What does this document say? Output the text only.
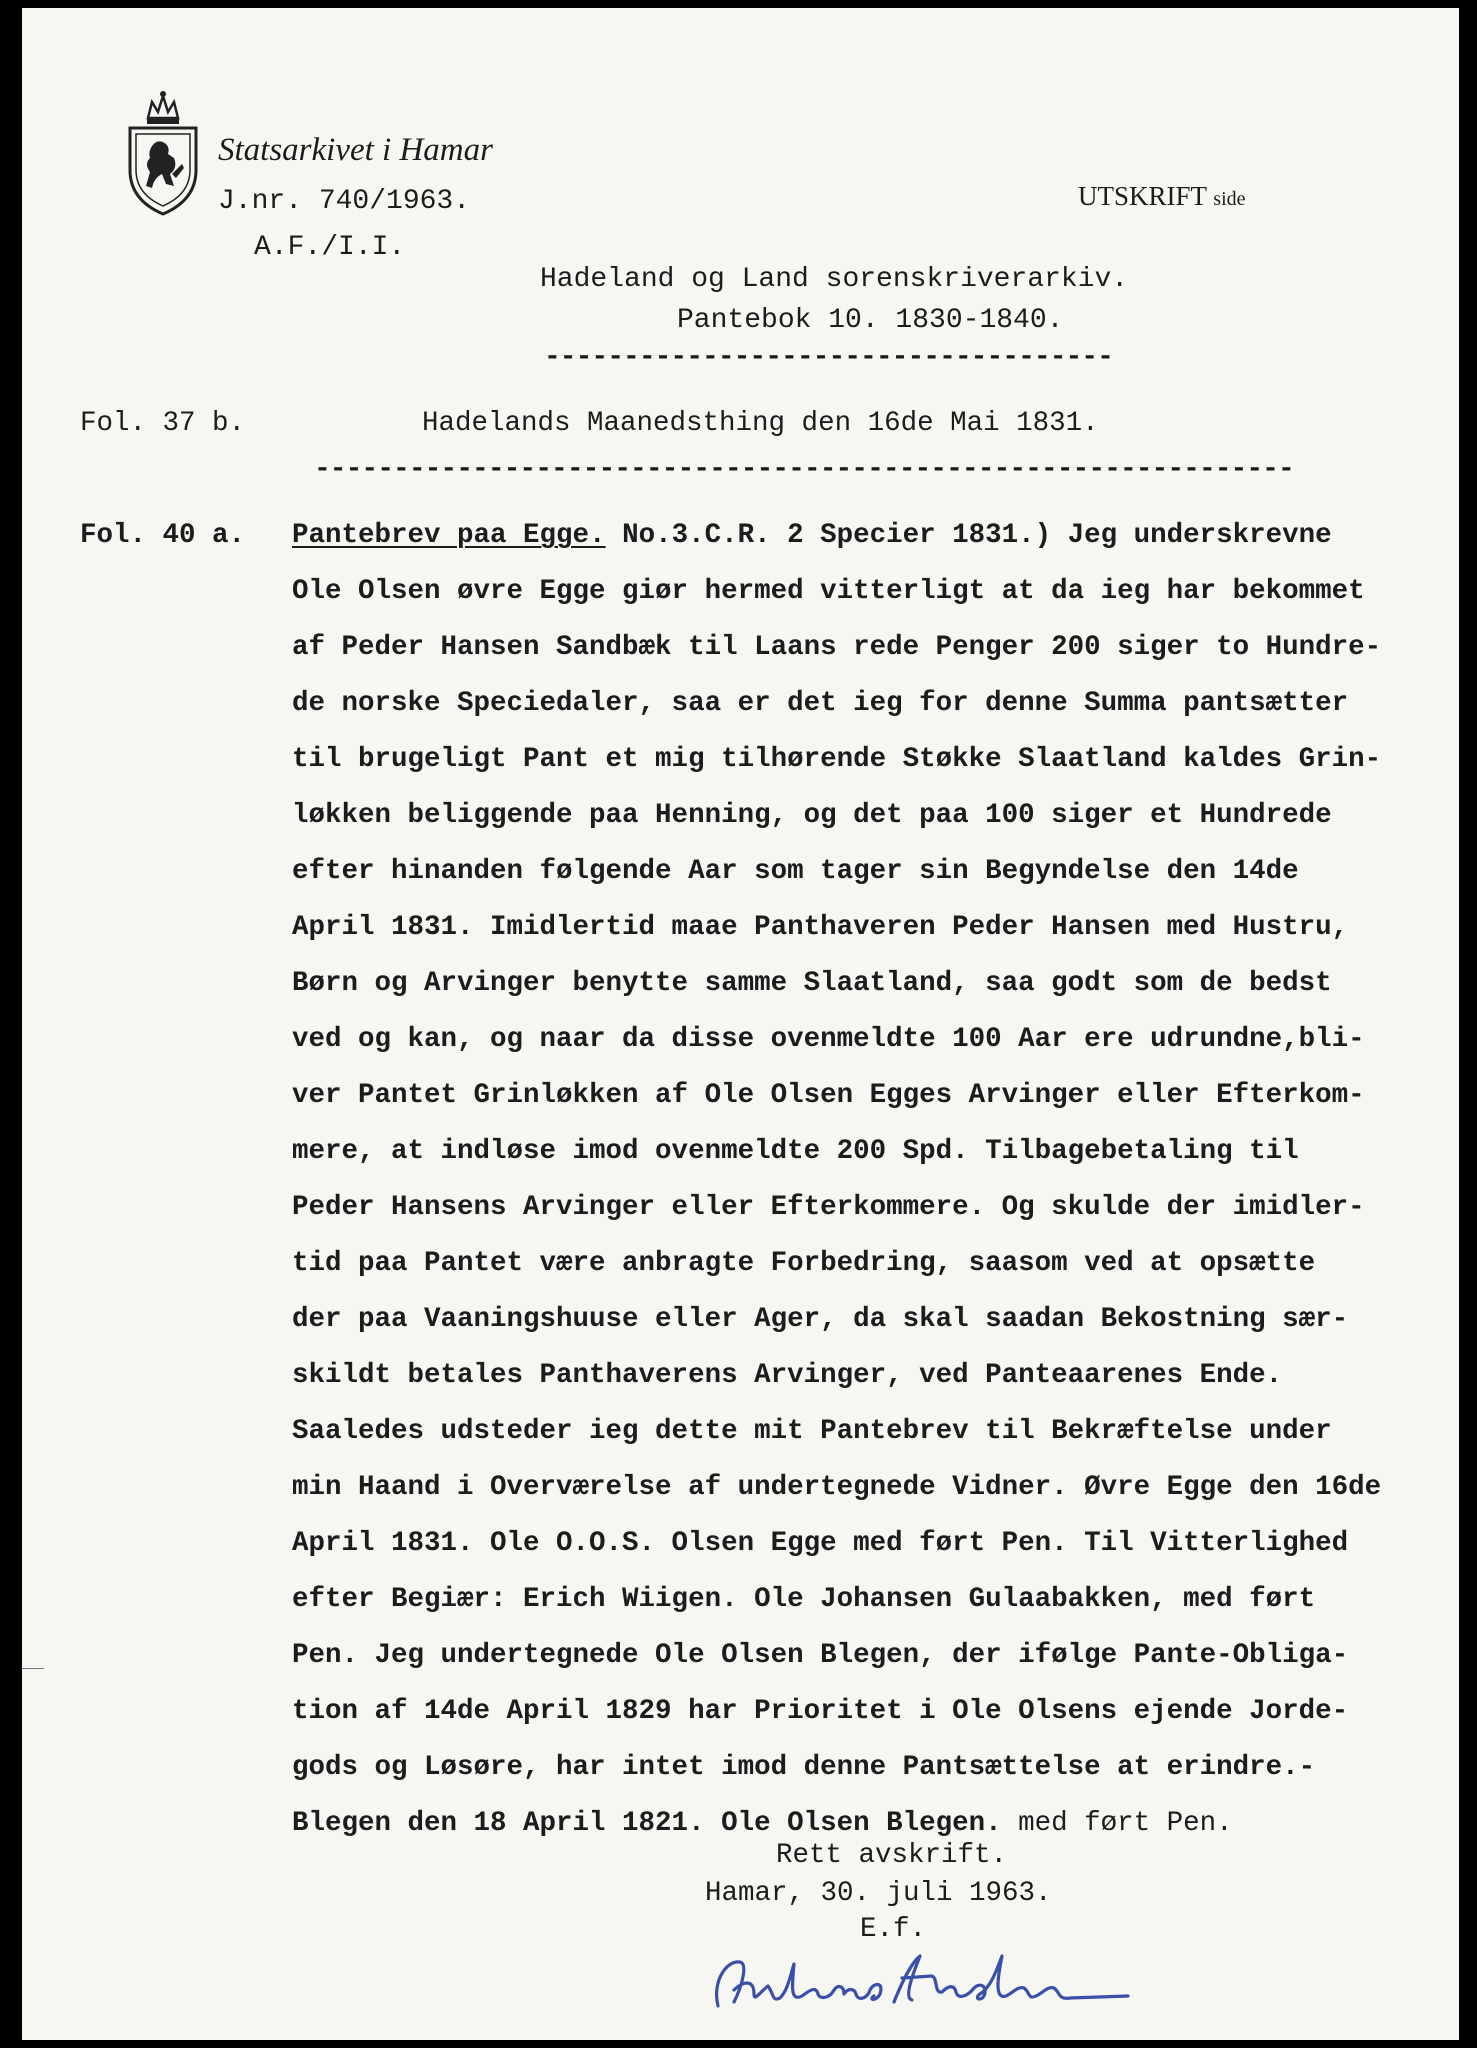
Statsarkivet i Hamar
J.nr. 740/1963.
A.F./I.I.
UTSKRIFT side
Hadeland og Land sorenskriverarkiv.
Pantebok 10. 1830-1840.
------------------------------------
Fol. 37 b.	Hadelands Maanedsthing den 16de Mai 1831.
--------------------------------------------------------------
Fol. 40 a. Pantebrev paa Egge. No.3.C.R. 2 Specier 1831.) Jeg underskrevne
Ole Olsen øvre Egge giør hermed vitterligt at da ieg har bekommet
af Peder Hansen Sandbæk til Laans rede Penger 200 siger to Hundre-
de norske Speciedaler, saa er det ieg for denne Summa pantsætter
til brugeligt Pant et mig tilhørende Støkke Slaatland kaldes Grin-
løkken beliggende paa Henning, og det paa 100 siger et Hundrede
efter hinanden følgende Aar som tager sin Begyndelse den 14de
April 1831. Imidlertid maae Panthaveren Peder Hansen med Hustru,
Børn og Arvinger benytte samme Slaatland, saa godt som de bedst
ved og kan, og naar da disse ovenmeldte 100 Aar ere udrundne,bli-
ver Pantet Grinløkken af Ole Olsen Egges Arvinger eller Efterkom-
mere, at indløse imod ovenmeldte 200 Spd. Tilbagebetaling til
Peder Hansens Arvinger eller Efterkommere. Og skulde der imidler-
tid paa Pantet være anbragte Forbedring, saasom ved at opsætte
der paa Vaaningshuuse eller Ager, da skal saadan Bekostning sær-
skildt betales Panthaverens Arvinger, ved Panteaarenes Ende.
Saaledes udsteder ieg dette mit Pantebrev til Bekræftelse under
min Haand i Overværelse af undertegnede Vidner. Øvre Egge den 16de
April 1831. Ole O.O.S. Olsen Egge med ført Pen. Til Vitterlighed
efter Begiær: Erich Wiigen. Ole Johansen Gulaabakken, med ført
Pen. Jeg undertegnede Ole Olsen Blegen, der ifølge Pante-Obliga-
tion af 14de April 1829 har Prioritet i Ole Olsens ejende Jorde-
gods og Løsøre, har intet imod denne Pantsættelse at erindre.-
Blegen den 18 April 1821. Ole Olsen Blegen. med ført Pen.
Rett avskrift.
Hamar, 30. juli 1963.
E.f.
